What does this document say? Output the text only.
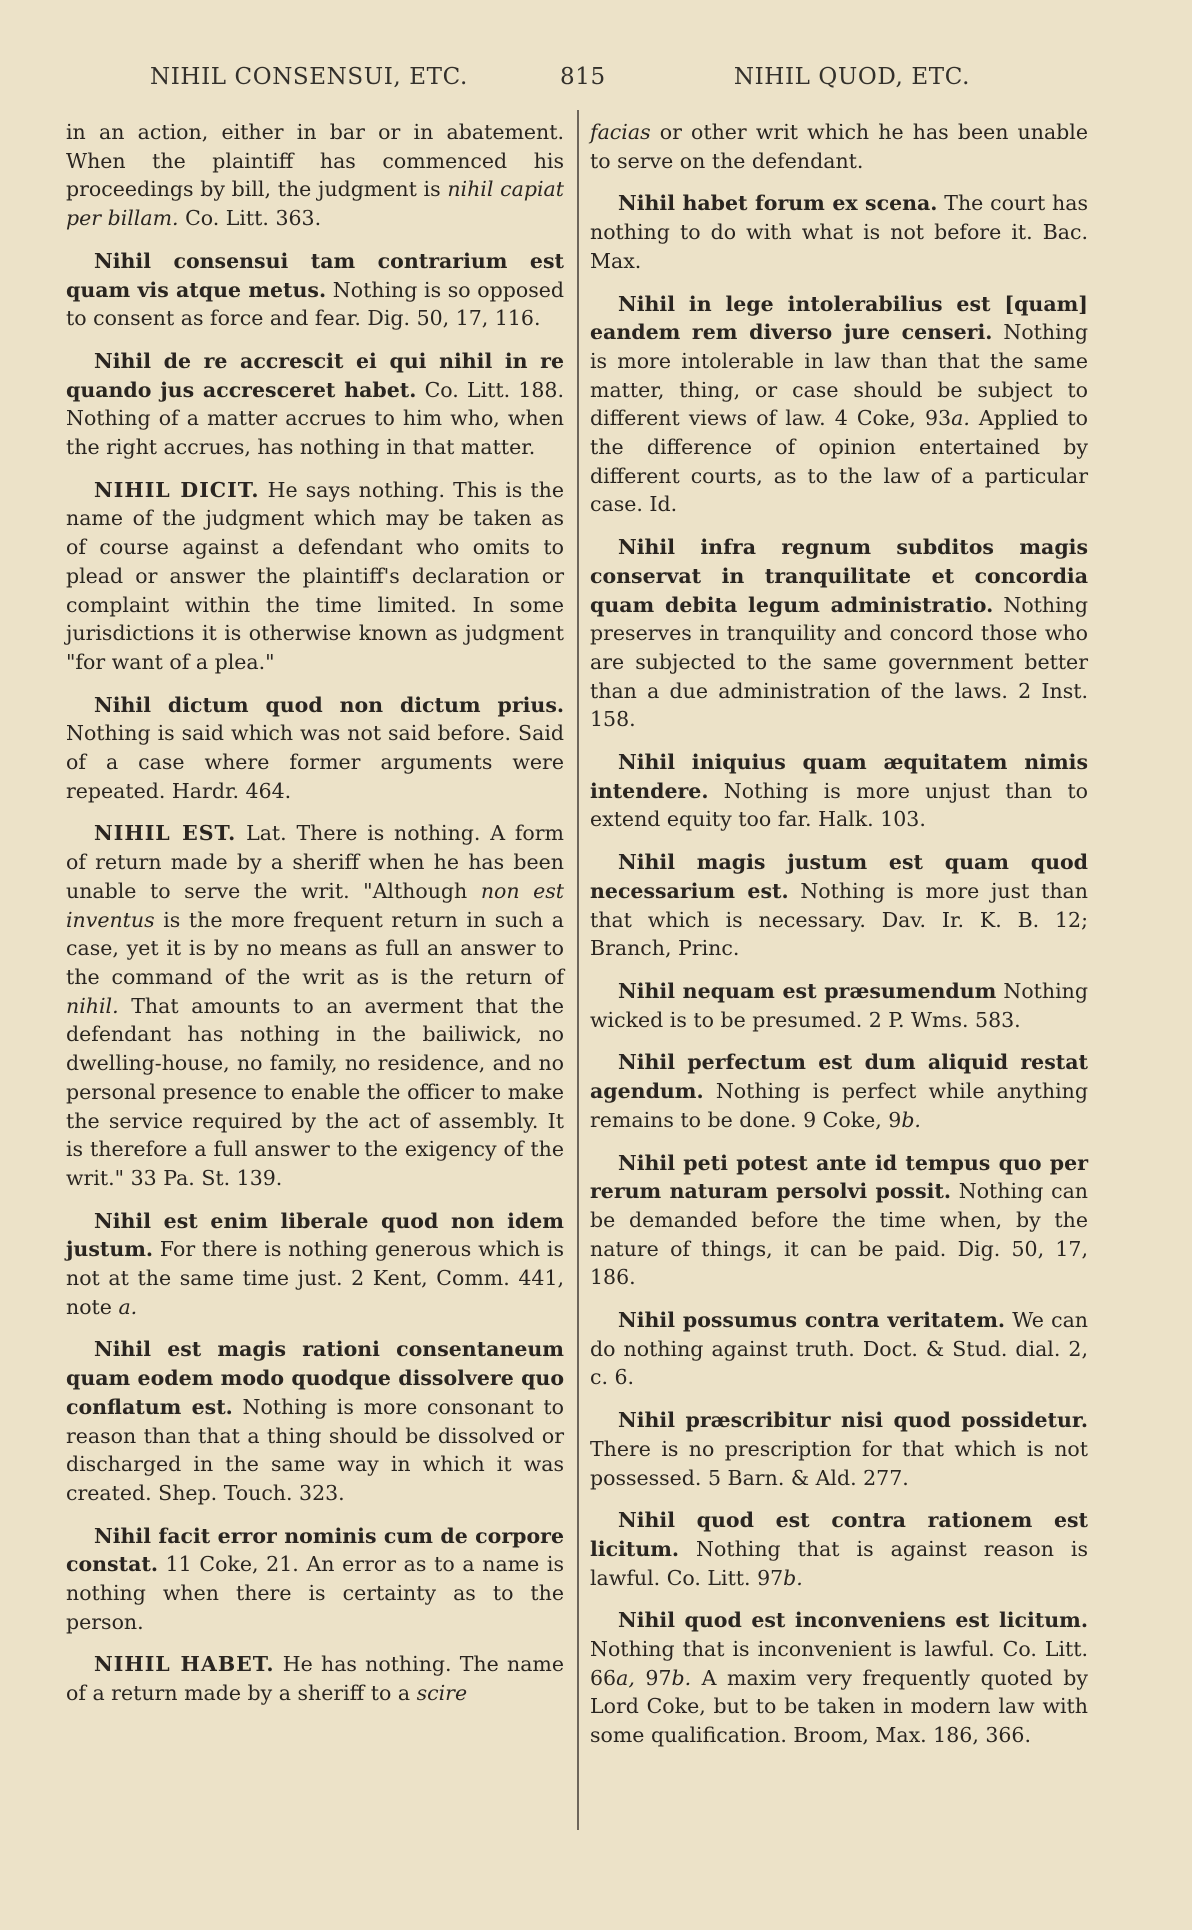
NIHIL CONSENSUI, ETC.	815	NIHIL QUOD, ETC.

in an action, either in bar or in abatement. When the plaintiff has commenced his proceedings by bill, the judgment is nihil capiat per billam. Co. Litt. 363.

Nihil consensui tam contrarium est quam vis atque metus. Nothing is so opposed to consent as force and fear. Dig. 50, 17, 116.

Nihil de re accrescit ei qui nihil in re quando jus accresceret habet. Co. Litt. 188. Nothing of a matter accrues to him who, when the right accrues, has nothing in that matter.

NIHIL DICIT. He says nothing. This is the name of the judgment which may be taken as of course against a defendant who omits to plead or answer the plaintiff's declaration or complaint within the time limited. In some jurisdictions it is otherwise known as judgment "for want of a plea."

Nihil dictum quod non dictum prius. Nothing is said which was not said before. Said of a case where former arguments were repeated. Hardr. 464.

NIHIL EST. Lat. There is nothing. A form of return made by a sheriff when he has been unable to serve the writ. "Although non est inventus is the more frequent return in such a case, yet it is by no means as full an answer to the command of the writ as is the return of nihil. That amounts to an averment that the defendant has nothing in the bailiwick, no dwelling-house, no family, no residence, and no personal presence to enable the officer to make the service required by the act of assembly. It is therefore a full answer to the exigency of the writ." 33 Pa. St. 139.

Nihil est enim liberale quod non idem justum. For there is nothing generous which is not at the same time just. 2 Kent, Comm. 441, note a.

Nihil est magis rationi consentaneum quam eodem modo quodque dissolvere quo conflatum est. Nothing is more consonant to reason than that a thing should be dissolved or discharged in the same way in which it was created. Shep. Touch. 323.

Nihil facit error nominis cum de corpore constat. 11 Coke, 21. An error as to a name is nothing when there is certainty as to the person.

NIHIL HABET. He has nothing. The name of a return made by a sheriff to a scire

facias or other writ which he has been unable to serve on the defendant.

Nihil habet forum ex scena. The court has nothing to do with what is not before it. Bac. Max.

Nihil in lege intolerabilius est [quam] eandem rem diverso jure censeri. Nothing is more intolerable in law than that the same matter, thing, or case should be subject to different views of law. 4 Coke, 93a. Applied to the difference of opinion entertained by different courts, as to the law of a particular case. Id.

Nihil infra regnum subditos magis conservat in tranquilitate et concordia quam debita legum administratio. Nothing preserves in tranquility and concord those who are subjected to the same government better than a due administration of the laws. 2 Inst. 158.

Nihil iniquius quam æquitatem nimis intendere. Nothing is more unjust than to extend equity too far. Halk. 103.

Nihil magis justum est quam quod necessarium est. Nothing is more just than that which is necessary. Dav. Ir. K. B. 12; Branch, Princ.

Nihil nequam est præsumendum Nothing wicked is to be presumed. 2 P. Wms. 583.

Nihil perfectum est dum aliquid restat agendum. Nothing is perfect while anything remains to be done. 9 Coke, 9b.

Nihil peti potest ante id tempus quo per rerum naturam persolvi possit. Nothing can be demanded before the time when, by the nature of things, it can be paid. Dig. 50, 17, 186.

Nihil possumus contra veritatem. We can do nothing against truth. Doct. & Stud. dial. 2, c. 6.

Nihil præscribitur nisi quod possidetur. There is no prescription for that which is not possessed. 5 Barn. & Ald. 277.

Nihil quod est contra rationem est licitum. Nothing that is against reason is lawful. Co. Litt. 97b.

Nihil quod est inconveniens est licitum. Nothing that is inconvenient is lawful. Co. Litt. 66a, 97b. A maxim very frequently quoted by Lord Coke, but to be taken in modern law with some qualification. Broom, Max. 186, 366.
